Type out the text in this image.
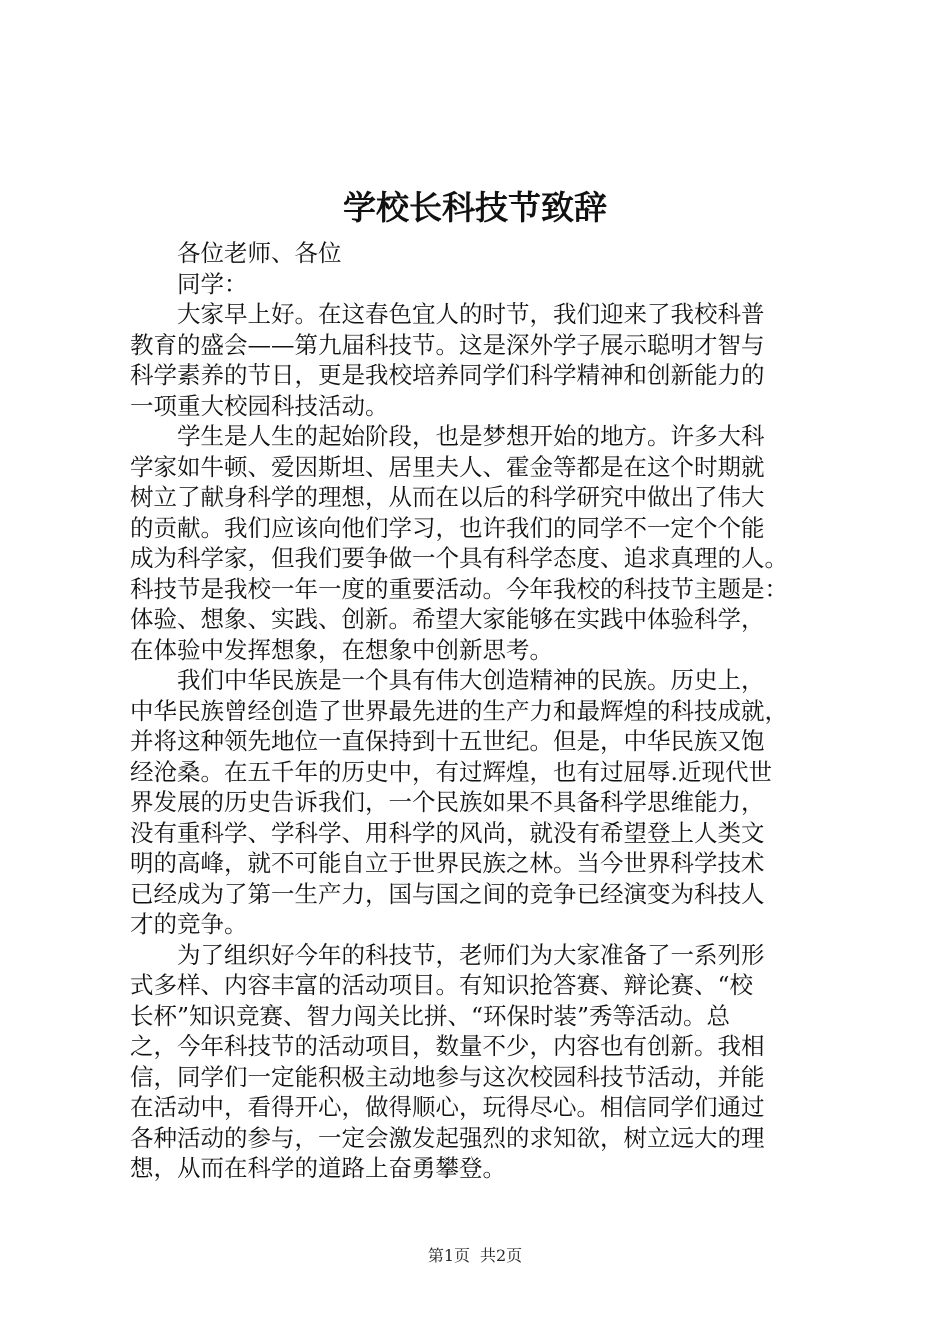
学校长科技节致辞

各位老师、各位
同学：

大家早上好。在这春色宜人的时节，我们迎来了我校科普
教育的盛会——第九届科技节。这是深外学子展示聪明才智与
科学素养的节日，更是我校培养同学们科学精神和创新能力的
一项重大校园科技活动。

学生是人生的起始阶段，也是梦想开始的地方。许多大科
学家如牛顿、爱因斯坦、居里夫人、霍金等都是在这个时期就
树立了献身科学的理想，从而在以后的科学研究中做出了伟大
的贡献。我们应该向他们学习，也许我们的同学不一定个个能
成为科学家，但我们要争做一个具有科学态度、追求真理的人。
科技节是我校一年一度的重要活动。今年我校的科技节主题是：
体验、想象、实践、创新。希望大家能够在实践中体验科学，
在体验中发挥想象，在想象中创新思考。

我们中华民族是一个具有伟大创造精神的民族。历史上，
中华民族曾经创造了世界最先进的生产力和最辉煌的科技成就，
并将这种领先地位一直保持到十五世纪。但是，中华民族又饱
经沧桑。在五千年的历史中，有过辉煌，也有过屈辱.近现代世
界发展的历史告诉我们，一个民族如果不具备科学思维能力，
没有重科学、学科学、用科学的风尚，就没有希望登上人类文
明的高峰，就不可能自立于世界民族之林。当今世界科学技术
已经成为了第一生产力，国与国之间的竞争已经演变为科技人
才的竞争。

为了组织好今年的科技节，老师们为大家准备了一系列形
式多样、内容丰富的活动项目。有知识抢答赛、辩论赛、“校
长杯”知识竞赛、智力闯关比拼、“环保时装”秀等活动。总
之，今年科技节的活动项目，数量不少，内容也有创新。我相
信，同学们一定能积极主动地参与这次校园科技节活动，并能
在活动中，看得开心，做得顺心，玩得尽心。相信同学们通过
各种活动的参与，一定会激发起强烈的求知欲，树立远大的理
想，从而在科学的道路上奋勇攀登。

第1页 共2页
